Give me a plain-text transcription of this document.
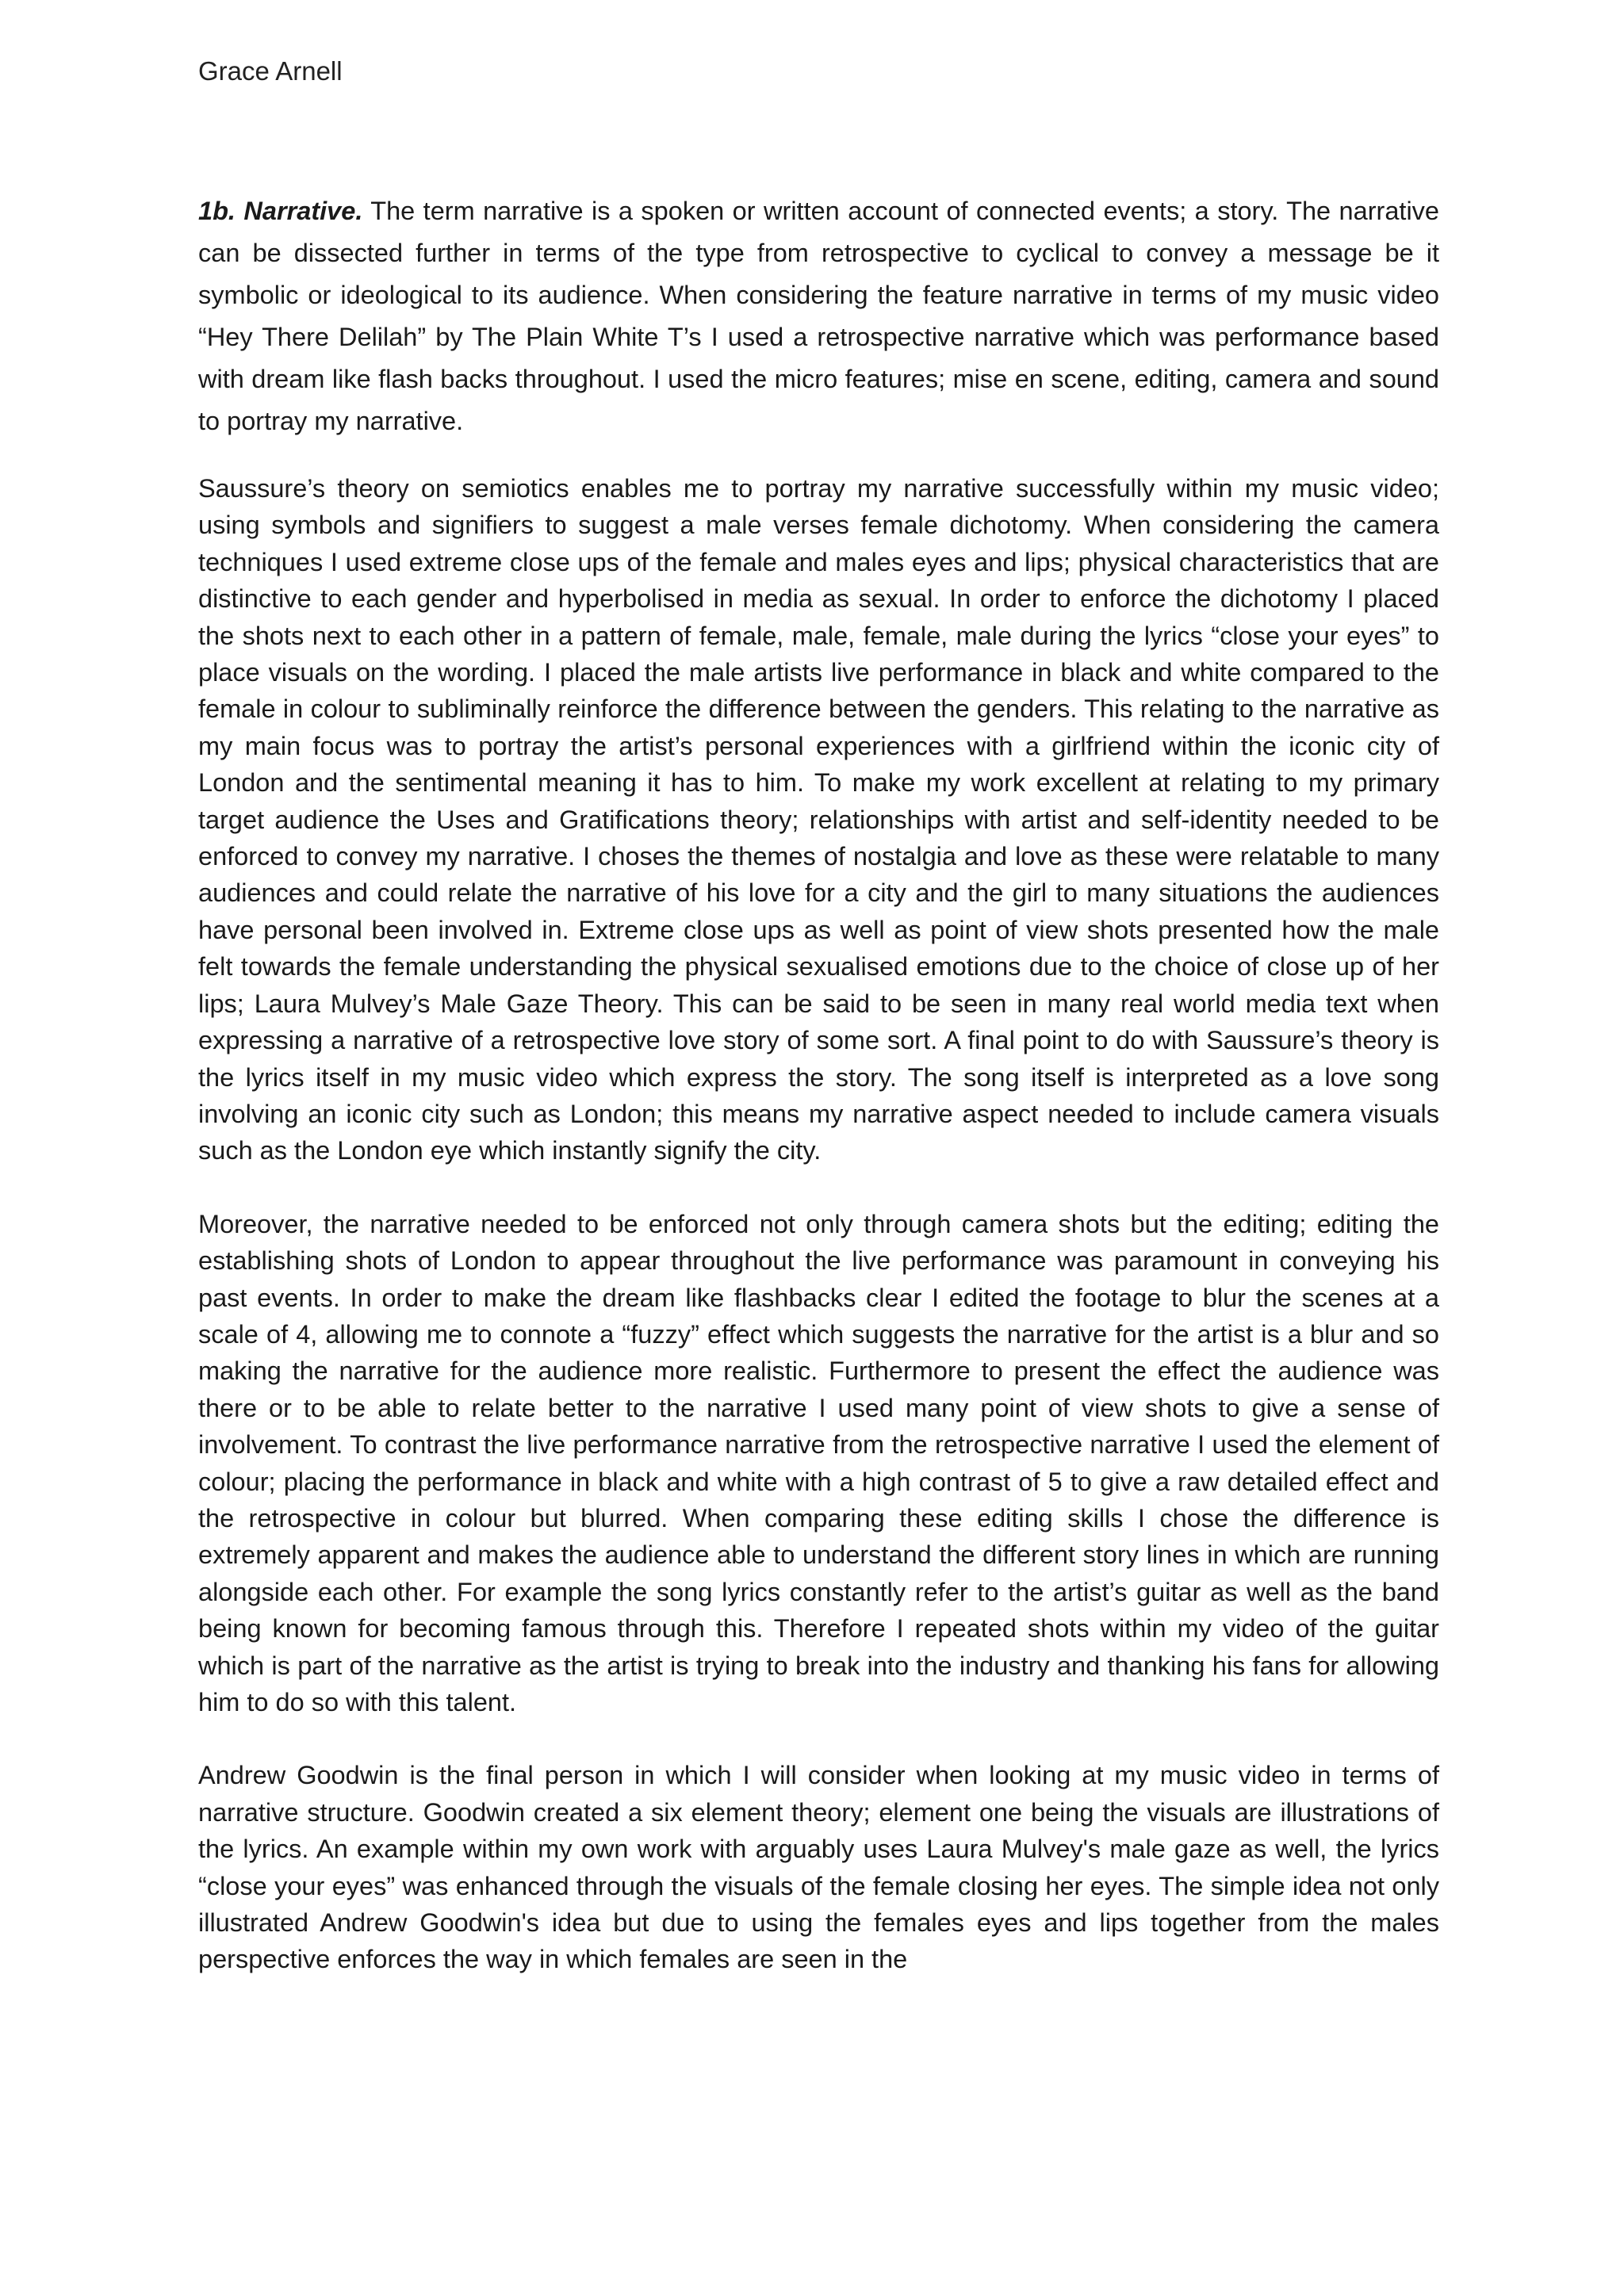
Grace Arnell

1b. Narrative. The term narrative is a spoken or written account of connected events; a story. The narrative can be dissected further in terms of the type from retrospective to cyclical to convey a message be it symbolic or ideological to its audience. When considering the feature narrative in terms of my music video “Hey There Delilah” by The Plain White T’s I used a retrospective narrative which was performance based with dream like flash backs throughout. I used the micro features; mise en scene, editing, camera and sound to portray my narrative.

Saussure’s theory on semiotics enables me to portray my narrative successfully within my music video; using symbols and signifiers to suggest a male verses female dichotomy. When considering the camera techniques I used extreme close ups of the female and males eyes and lips; physical characteristics that are distinctive to each gender and hyperbolised in media as sexual. In order to enforce the dichotomy I placed the shots next to each other in a pattern of female, male, female, male during the lyrics “close your eyes” to place visuals on the wording. I placed the male artists live performance in black and white compared to the female in colour to subliminally reinforce the difference between the genders. This relating to the narrative as my main focus was to portray the artist’s personal experiences with a girlfriend within the iconic city of London and the sentimental meaning it has to him. To make my work excellent at relating to my primary target audience the Uses and Gratifications theory; relationships with artist and self-identity needed to be enforced to convey my narrative. I choses the themes of nostalgia and love as these were relatable to many audiences and could relate the narrative of his love for a city and the girl to many situations the audiences have personal been involved in. Extreme close ups as well as point of view shots presented how the male felt towards the female understanding the physical sexualised emotions due to the choice of close up of her lips; Laura Mulvey’s Male Gaze Theory. This can be said to be seen in many real world media text when expressing a narrative of a retrospective love story of some sort. A final point to do with Saussure’s theory is the lyrics itself in my music video which express the story. The song itself is interpreted as a love song involving an iconic city such as London; this means my narrative aspect needed to include camera visuals such as the London eye which instantly signify the city.

Moreover, the narrative needed to be enforced not only through camera shots but the editing; editing the establishing shots of London to appear throughout the live performance was paramount in conveying his past events. In order to make the dream like flashbacks clear I edited the footage to blur the scenes at a scale of 4, allowing me to connote a “fuzzy” effect which suggests the narrative for the artist is a blur and so making the narrative for the audience more realistic. Furthermore to present the effect the audience was there or to be able to relate better to the narrative I used many point of view shots to give a sense of involvement. To contrast the live performance narrative from the retrospective narrative I used the element of colour; placing the performance in black and white with a high contrast of 5 to give a raw detailed effect and the retrospective in colour but blurred. When comparing these editing skills I chose the difference is extremely apparent and makes the audience able to understand the different story lines in which are running alongside each other. For example the song lyrics constantly refer to the artist’s guitar as well as the band being known for becoming famous through this. Therefore I repeated shots within my video of the guitar which is part of the narrative as the artist is trying to break into the industry and thanking his fans for allowing him to do so with this talent.

Andrew Goodwin is the final person in which I will consider when looking at my music video in terms of narrative structure. Goodwin created a six element theory; element one being the visuals are illustrations of the lyrics. An example within my own work with arguably uses Laura Mulvey's male gaze as well, the lyrics “close your eyes” was enhanced through the visuals of the female closing her eyes. The simple idea not only illustrated Andrew Goodwin's idea but due to using the females eyes and lips together from the males perspective enforces the way in which females are seen in the
